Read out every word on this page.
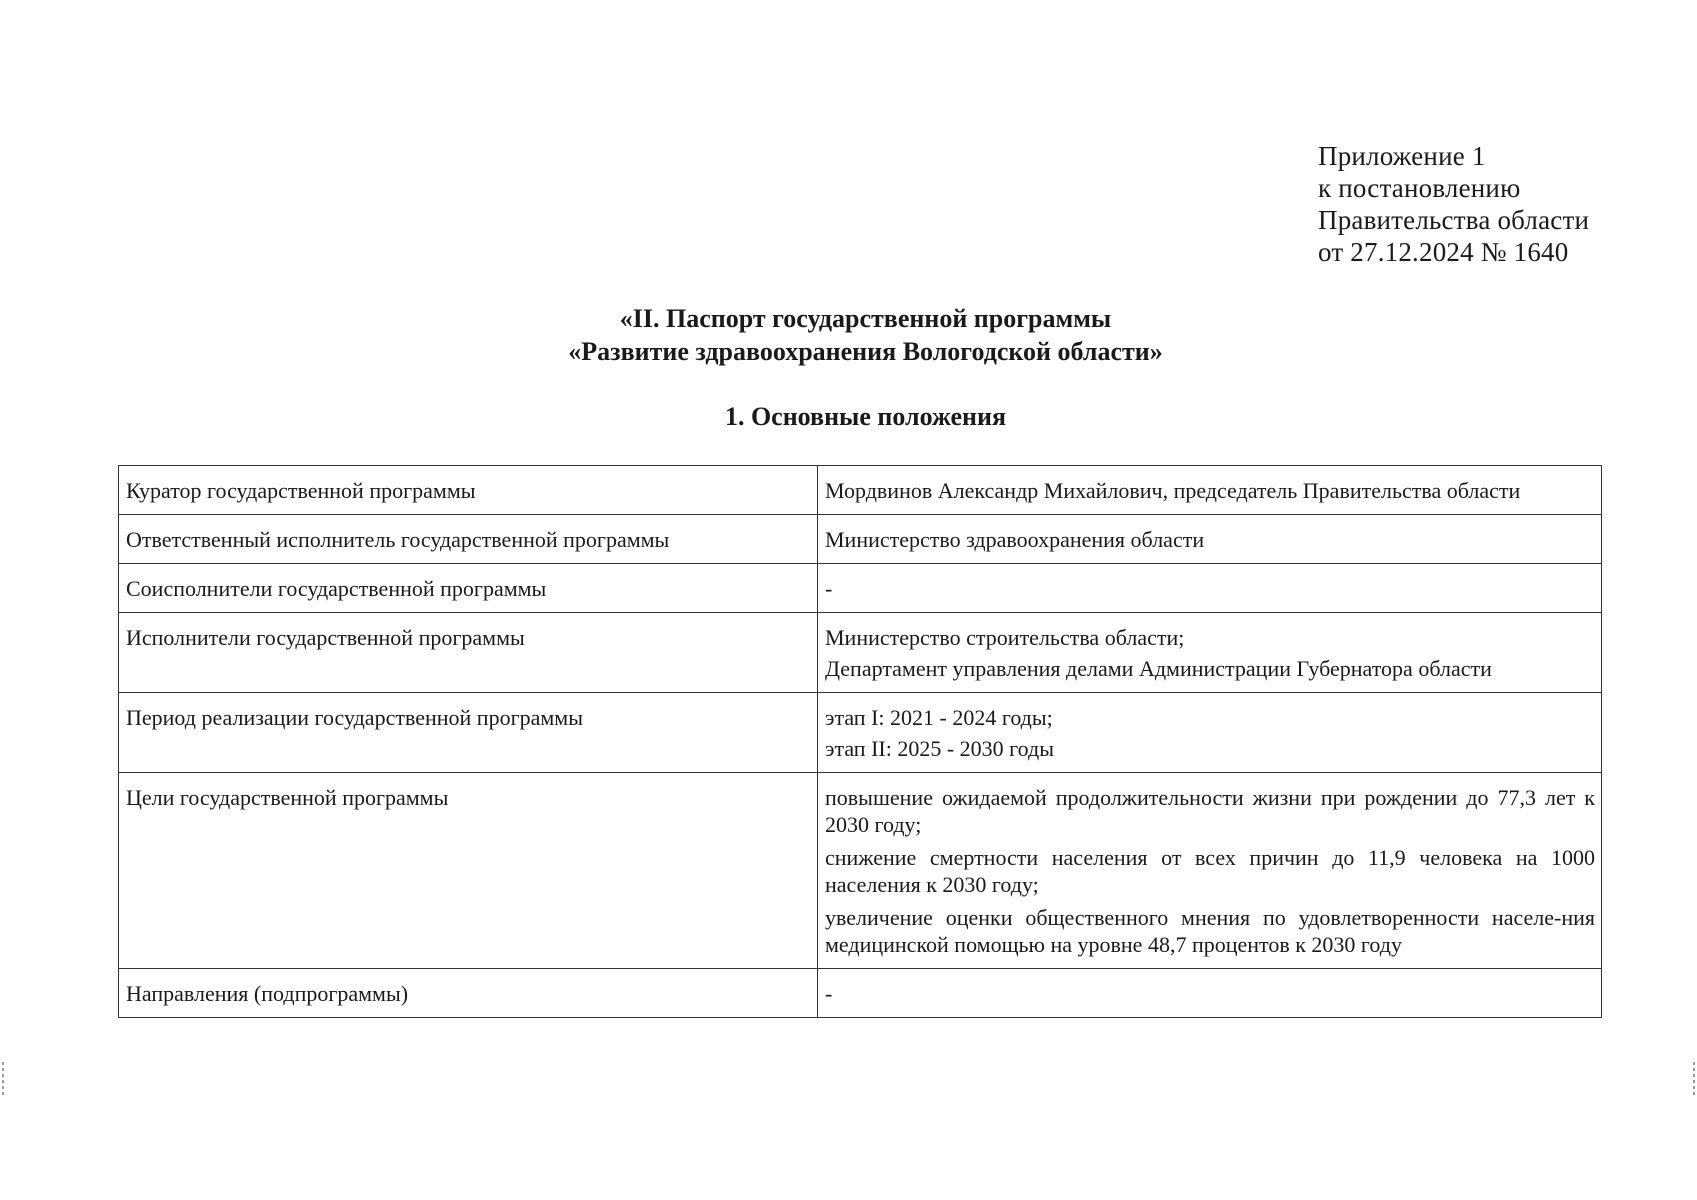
Приложение 1
к постановлению
Правительства области
от 27.12.2024 № 1640
«II. Паспорт государственной программы
«Развитие здравоохранения Вологодской области»
1. Основные положения
Куратор государственной программы	Мордвинов Александр Михайлович, председатель Правительства области

Ответственный исполнитель государственной программы	Министерство здравоохранения области

Соисполнители государственной программы	-

Исполнители государственной программы	Министерство строительства области;
Департамент управления делами Администрации Губернатора области

Период реализации государственной программы	этап I: 2021 - 2024 годы;
этап II: 2025 - 2030 годы

Цели государственной программы	повышение ожидаемой продолжительности жизни при рождении до 77,3 лет к 2030 году;
снижение смертности населения от всех причин до 11,9 человека на 1000 населения к 2030 году;
увеличение оценки общественного мнения по удовлетворенности населе-ния медицинской помощью на уровне 48,7 процентов к 2030 году

Направления (подпрограммы)	-
